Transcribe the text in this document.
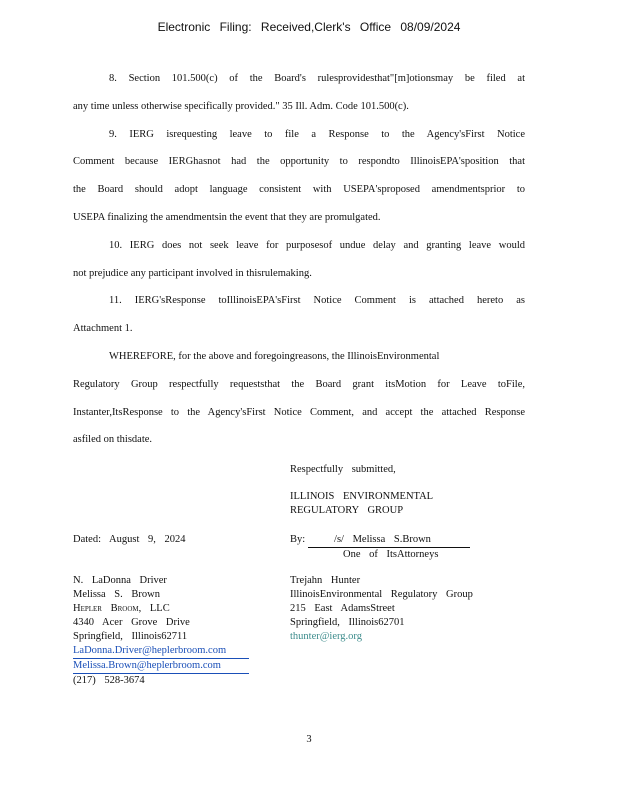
Electronic Filing: Received,Clerk's Office 08/09/2024
8. Section 101.500(c) of the Board's rulesprovidesthat"[m]otionsmay be filed at
any time unless otherwise specifically provided." 35 Ill. Adm. Code 101.500(c).
9. IERG isrequesting leave to file a Response to the Agency'sFirst Notice
Comment because IERGhasnot had the opportunity to respondto IllinoisEPA'sposition that
the Board should adopt language consistent with USEPA'sproposed amendmentsprior to
USEPA finalizing the amendmentsin the event that they are promulgated.
10. IERG does not seek leave for purposesof undue delay and granting leave would
not prejudice any participant involved in thisrulemaking.
11. IERG'sResponse toIllinoisEPA'sFirst Notice Comment is attached hereto as
Attachment 1.
WHEREFORE, for the above and foregoingreasons, the IllinoisEnvironmental
Regulatory Group respectfully requeststhat the Board grant itsMotion for Leave toFile,
Instanter,ItsResponse to the Agency'sFirst Notice Comment, and accept the attached Response
asfiled on thisdate.
Respectfully submitted,
ILLINOIS ENVIRONMENTAL
REGULATORY GROUP
Dated: August 9, 2024	By:	/s/ Melissa S.Brown
One of ItsAttorneys
N. LaDonna Driver
Melissa S. Brown
Hepler Broom, LLC
4340 Acer Grove Drive
Springfield, Illinois62711
LaDonna.Driver@heplerbroom.com
Melissa.Brown@heplerbroom.com
(217) 528-3674
Trejahn Hunter
IllinoisEnvironmental Regulatory Group
215 East AdamsStreet
Springfield, Illinois62701
thunter@ierg.org
3
